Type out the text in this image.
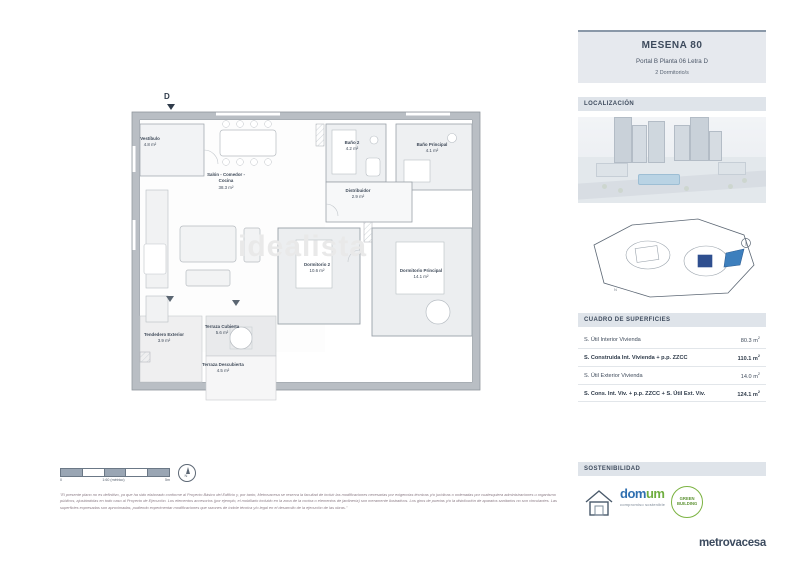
D
idealista
Vestíbulo
4.8 m²
Salón - Comedor - Cocina
38.3 m²
Baño 2
4.2 m²
Baño Principal
4.1 m²
Distribuidor
2.9 m²
Dormitorio 2
10.6 m²	Dormitorio Principal
14.1 m²
Tendedero Exterior
3.9 m²
Terraza Cubierta
5.6 m²
Terraza Descubierta
4.5 m²
MESENA 80
Portal B Planta 06 Letra D
2 Dormitorio/s
LOCALIZACIÓN
N
CUADRO DE SUPERFICIES
S. Útil Interior Vivienda	80.3 $m^2$
S. Construida Int. Vivienda + p.p. ZZCC	110.1 $m^2$
S. Útil Exterior Vivienda	14.0 $m^2$
S. Cons. Int. Viv. + p.p. ZZCC + S. Útil Ext. Viv.	124.1 $m^2$
SOSTENIBILIDAD
domum
compromiso sostenible
GREEN
BUILDING
metrovacesa
0	1:60 (métrico)	5m
N
"El presente plano no es definitivo, ya que ha sido elaborado conforme al Proyecto Básico del Edificio y, por tanto, Metrovacesa se reserva la facultad de incluir las modificaciones necesarias por exigencias técnicas y/o jurídicas o ordenadas por cualesquiera administraciones u organismo públicos, ajustándolas en todo caso al Proyecto de Ejecución. Los elementos accesorios (por ejemplo, el mobiliario incluido en la zona de la cocina o elementos de jardinería) son meramente ilustrativos. Los giros de puertas y/o la distribución de aparatos sanitarios no son vinculantes. Las superficies expresadas son aproximadas, pudiendo experimentar modificaciones que razones de índole técnica y/o legal en el desarrollo de la ejecución de las obras."
